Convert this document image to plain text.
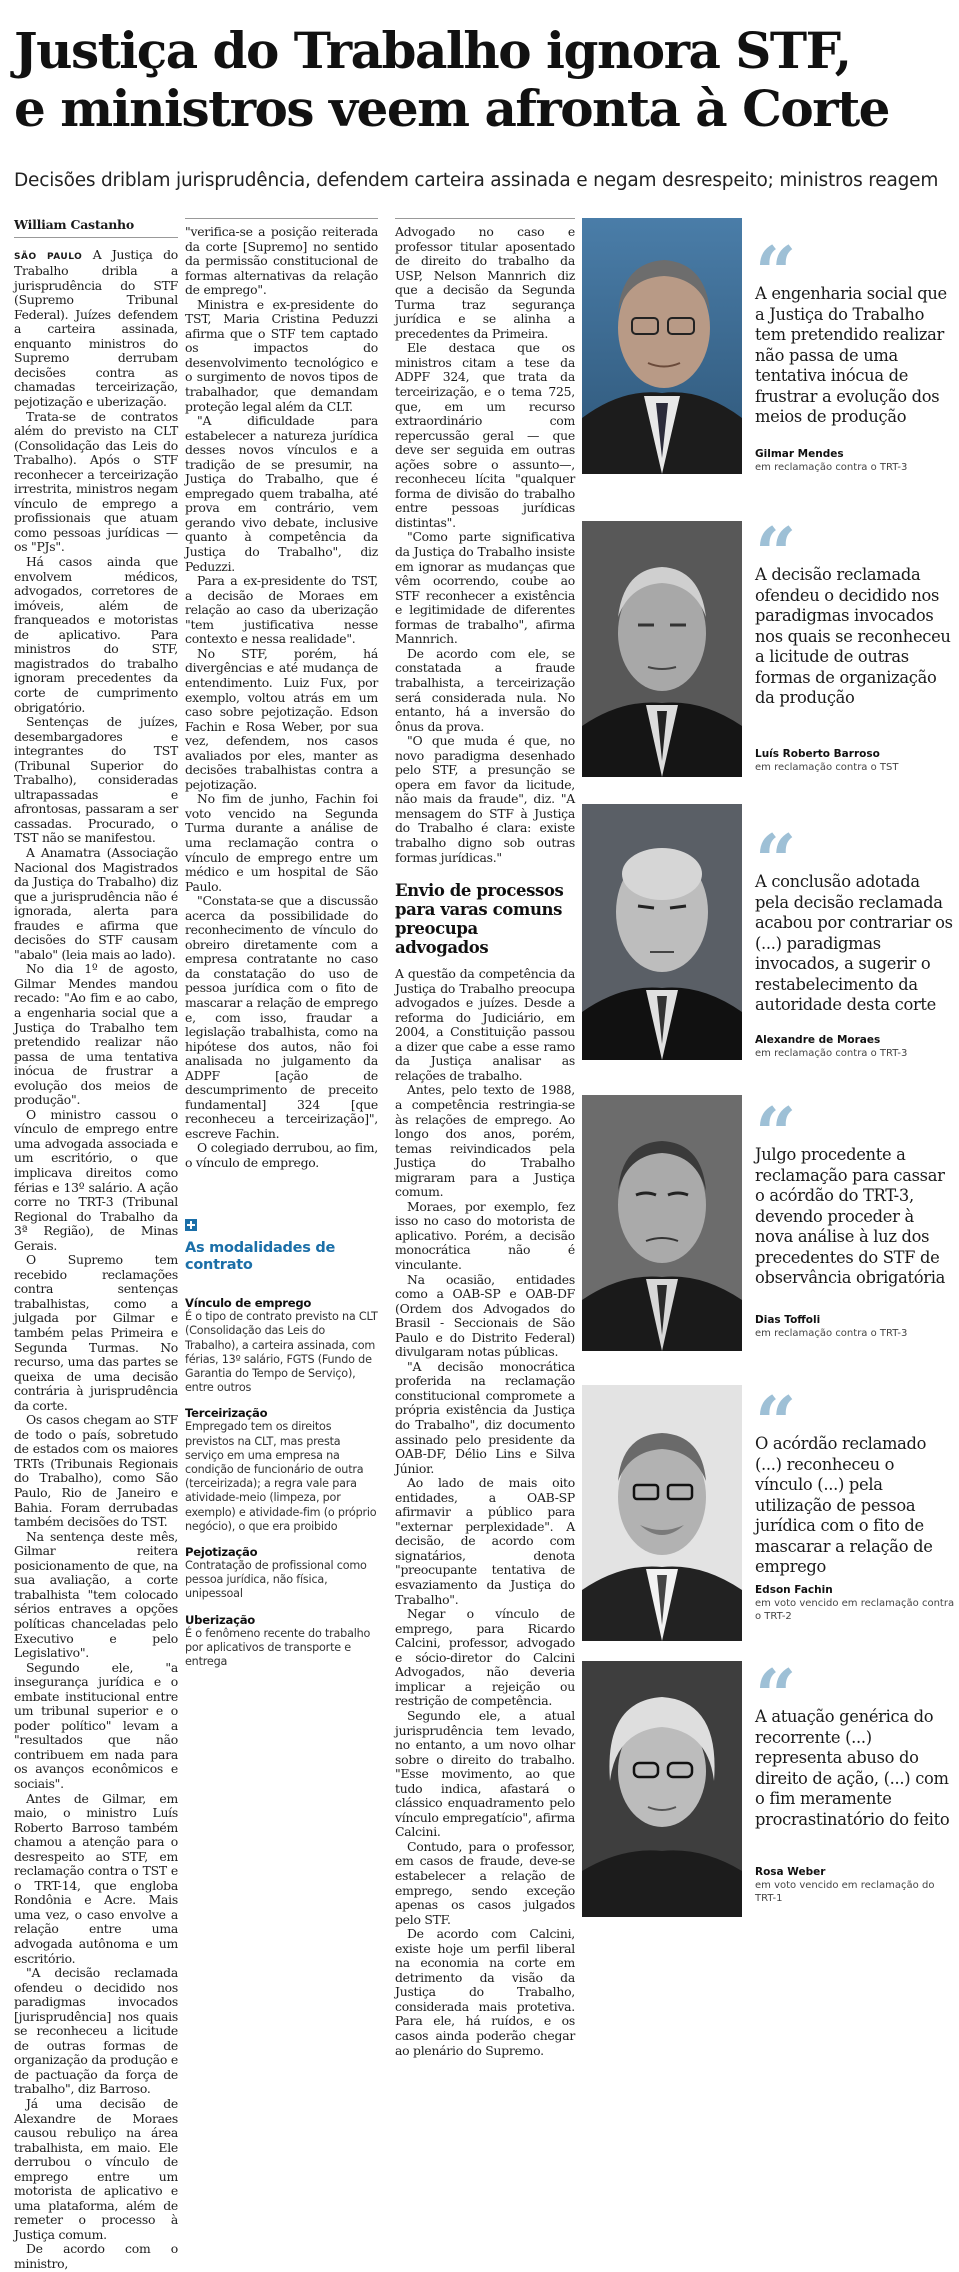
Justiça do Trabalho ignora STF,
e ministros veem afronta à Corte
Decisões driblam jurisprudência, defendem carteira assinada e negam desrespeito; ministros reagem
William Castanho

SÃO PAULO A Justiça do Trabalho dribla a jurisprudência do STF (Supremo Tribunal Federal). Juízes defendem a carteira assinada, enquanto ministros do Supremo derrubam decisões contra as chamadas terceirização, pejotização e uberização.

Trata-se de contratos além do previsto na CLT (Consolidação das Leis do Trabalho). Após o STF reconhecer a terceirização irrestrita, ministros negam vínculo de emprego a profissionais que atuam como pessoas jurídicas — os "PJs".

Há casos ainda que envolvem médicos, advogados, corretores de imóveis, além de franqueados e motoristas de aplicativo. Para ministros do STF, magistrados do trabalho ignoram precedentes da corte de cumprimento obrigatório.

Sentenças de juízes, desembargadores e integrantes do TST (Tribunal Superior do Trabalho), consideradas ultrapassadas e afrontosas, passaram a ser cassadas. Procurado, o TST não se manifestou.

A Anamatra (Associação Nacional dos Magistrados da Justiça do Trabalho) diz que a jurisprudência não é ignorada, alerta para fraudes e afirma que decisões do STF causam "abalo" (leia mais ao lado).

No dia 1º de agosto, Gilmar Mendes mandou recado: "Ao fim e ao cabo, a engenharia social que a Justiça do Trabalho tem pretendido realizar não passa de uma tentativa inócua de frustrar a evolução dos meios de produção".

O ministro cassou o vínculo de emprego entre uma advogada associada e um escritório, o que implicava direitos como férias e 13º salário. A ação corre no TRT-3 (Tribunal Regional do Trabalho da 3ª Região), de Minas Gerais.

O Supremo tem recebido reclamações contra sentenças trabalhistas, como a julgada por Gilmar e também pelas Primeira e Segunda Turmas. No recurso, uma das partes se queixa de uma decisão contrária à jurisprudência da corte.

Os casos chegam ao STF de todo o país, sobretudo de estados com os maiores TRTs (Tribunais Regionais do Trabalho), como São Paulo, Rio de Janeiro e Bahia. Foram derrubadas também decisões do TST.

Na sentença deste mês, Gilmar reitera posicionamento de que, na sua avaliação, a corte trabalhista "tem colocado sérios entraves a opções políticas chanceladas pelo Executivo e pelo Legislativo".

Segundo ele, "a insegurança jurídica e o embate institucional entre um tribunal superior e o poder político" levam a "resultados que não contribuem em nada para os avanços econômicos e sociais".

Antes de Gilmar, em maio, o ministro Luís Roberto Barroso também chamou a atenção para o desrespeito ao STF, em reclamação contra o TST e o TRT-14, que engloba Rondônia e Acre. Mais uma vez, o caso envolve a relação entre uma advogada autônoma e um escritório.

"A decisão reclamada ofendeu o decidido nos paradigmas invocados [jurisprudência] nos quais se reconheceu a licitude de outras formas de organização da produção e de pactuação da força de trabalho", diz Barroso.

Já uma decisão de Alexandre de Moraes causou rebuliço na área trabalhista, em maio. Ele derrubou o vínculo de emprego entre um motorista de aplicativo e uma plataforma, além de remeter o processo à Justiça comum.

De acordo com o ministro,

"verifica-se a posição reiterada da corte [Supremo] no sentido da permissão constitucional de formas alternativas da relação de emprego".

Ministra e ex-presidente do TST, Maria Cristina Peduzzi afirma que o STF tem captado os impactos do desenvolvimento tecnológico e o surgimento de novos tipos de trabalhador, que demandam proteção legal além da CLT.

"A dificuldade para estabelecer a natureza jurídica desses novos vínculos e a tradição de se presumir, na Justiça do Trabalho, que é empregado quem trabalha, até prova em contrário, vem gerando vivo debate, inclusive quanto à competência da Justiça do Trabalho", diz Peduzzi.

Para a ex-presidente do TST, a decisão de Moraes em relação ao caso da uberização "tem justificativa nesse contexto e nessa realidade".

No STF, porém, há divergências e até mudança de entendimento. Luiz Fux, por exemplo, voltou atrás em um caso sobre pejotização. Edson Fachin e Rosa Weber, por sua vez, defendem, nos casos avaliados por eles, manter as decisões trabalhistas contra a pejotização.

No fim de junho, Fachin foi voto vencido na Segunda Turma durante a análise de uma reclamação contra o vínculo de emprego entre um médico e um hospital de São Paulo.

"Constata-se que a discussão acerca da possibilidade do reconhecimento de vínculo do obreiro diretamente com a empresa contratante no caso da constatação do uso de pessoa jurídica com o fito de mascarar a relação de emprego e, com isso, fraudar a legislação trabalhista, como na hipótese dos autos, não foi analisada no julgamento da ADPF [ação de descumprimento de preceito fundamental] 324 [que reconheceu a terceirização]", escreve Fachin.

O colegiado derrubou, ao fim, o vínculo de emprego.

As modalidades de contrato
Vínculo de emprego
É o tipo de contrato previsto na CLT (Consolidação das Leis do Trabalho), a carteira assinada, com férias, 13º salário, FGTS (Fundo de Garantia do Tempo de Serviço), entre outros
Terceirização
Empregado tem os direitos previstos na CLT, mas presta serviço em uma empresa na condição de funcionário de outra (terceirizada); a regra vale para atividade-meio (limpeza, por exemplo) e atividade-fim (o próprio negócio), o que era proibido
Pejotização
Contratação de profissional como pessoa jurídica, não física, unipessoal
Uberização
É o fenômeno recente do trabalho por aplicativos de transporte e entrega

Advogado no caso e professor titular aposentado de direito do trabalho da USP, Nelson Mannrich diz que a decisão da Segunda Turma traz segurança jurídica e se alinha a precedentes da Primeira.

Ele destaca que os ministros citam a tese da ADPF 324, que trata da terceirização, e o tema 725, que, em um recurso extraordinário com repercussão geral — que deve ser seguida em outras ações sobre o assunto—, reconheceu lícita "qualquer forma de divisão do trabalho entre pessoas jurídicas distintas".

"Como parte significativa da Justiça do Trabalho insiste em ignorar as mudanças que vêm ocorrendo, coube ao STF reconhecer a existência e legitimidade de diferentes formas de trabalho", afirma Mannrich.

De acordo com ele, se constatada a fraude trabalhista, a terceirização será considerada nula. No entanto, há a inversão do ônus da prova.

"O que muda é que, no novo paradigma desenhado pelo STF, a presunção se opera em favor da licitude, não mais da fraude", diz. "A mensagem do STF à Justiça do Trabalho é clara: existe trabalho digno sob outras formas jurídicas."

Envio de processos para varas comuns preocupa advogados

A questão da competência da Justiça do Trabalho preocupa advogados e juízes. Desde a reforma do Judiciário, em 2004, a Constituição passou a dizer que cabe a esse ramo da Justiça analisar as relações de trabalho.

Antes, pelo texto de 1988, a competência restringia-se às relações de emprego. Ao longo dos anos, porém, temas reivindicados pela Justiça do Trabalho migraram para a Justiça comum.

Moraes, por exemplo, fez isso no caso do motorista de aplicativo. Porém, a decisão monocrática não é vinculante.

Na ocasião, entidades como a OAB-SP e OAB-DF (Ordem dos Advogados do Brasil - Seccionais de São Paulo e do Distrito Federal) divulgaram notas públicas.

"A decisão monocrática proferida na reclamação constitucional compromete a própria existência da Justiça do Trabalho", diz documento assinado pelo presidente da OAB-DF, Délio Lins e Silva Júnior.

Ao lado de mais oito entidades, a OAB-SP afirmavir a público para "externar perplexidade". A decisão, de acordo com signatários, denota "preocupante tentativa de esvaziamento da Justiça do Trabalho".

Negar o vínculo de emprego, para Ricardo Calcini, professor, advogado e sócio-diretor do Calcini Advogados, não deveria implicar a rejeição ou restrição de competência.

Segundo ele, a atual jurisprudência tem levado, no entanto, a um novo olhar sobre o direito do trabalho. "Esse movimento, ao que tudo indica, afastará o clássico enquadramento pelo vínculo empregatício", afirma Calcini.

Contudo, para o professor, em casos de fraude, deve-se estabelecer a relação de emprego, sendo exceção apenas os casos julgados pelo STF.

De acordo com Calcini, existe hoje um perfil liberal na economia na corte em detrimento da visão da Justiça do Trabalho, considerada mais protetiva. Para ele, há ruídos, e os casos ainda poderão chegar ao plenário do Supremo.

“
A engenharia social que a Justiça do Trabalho tem pretendido realizar não passa de uma tentativa inócua de frustrar a evolução dos meios de produção
Gilmar Mendes
em reclamação contra o TRT-3
“
A decisão reclamada ofendeu o decidido nos paradigmas invocados nos quais se reconheceu a licitude de outras formas de organização da produção
Luís Roberto Barroso
em reclamação contra o TST
“
A conclusão adotada pela decisão reclamada acabou por contrariar os (...) paradigmas invocados, a sugerir o restabelecimento da autoridade desta corte
Alexandre de Moraes
em reclamação contra o TRT-3
“
Julgo procedente a reclamação para cassar o acórdão do TRT-3, devendo proceder à nova análise à luz dos precedentes do STF de observância obrigatória
Dias Toffoli
em reclamação contra o TRT-3
“
O acórdão reclamado (...) reconheceu o vínculo (...) pela utilização de pessoa jurídica com o fito de mascarar a relação de emprego
Edson Fachin
em voto vencido em reclamação contra o TRT-2
“
A atuação genérica do recorrente (...) representa abuso do direito de ação, (...) com o fim meramente procrastinatório do feito
Rosa Weber
em voto vencido em reclamação do TRT-1
